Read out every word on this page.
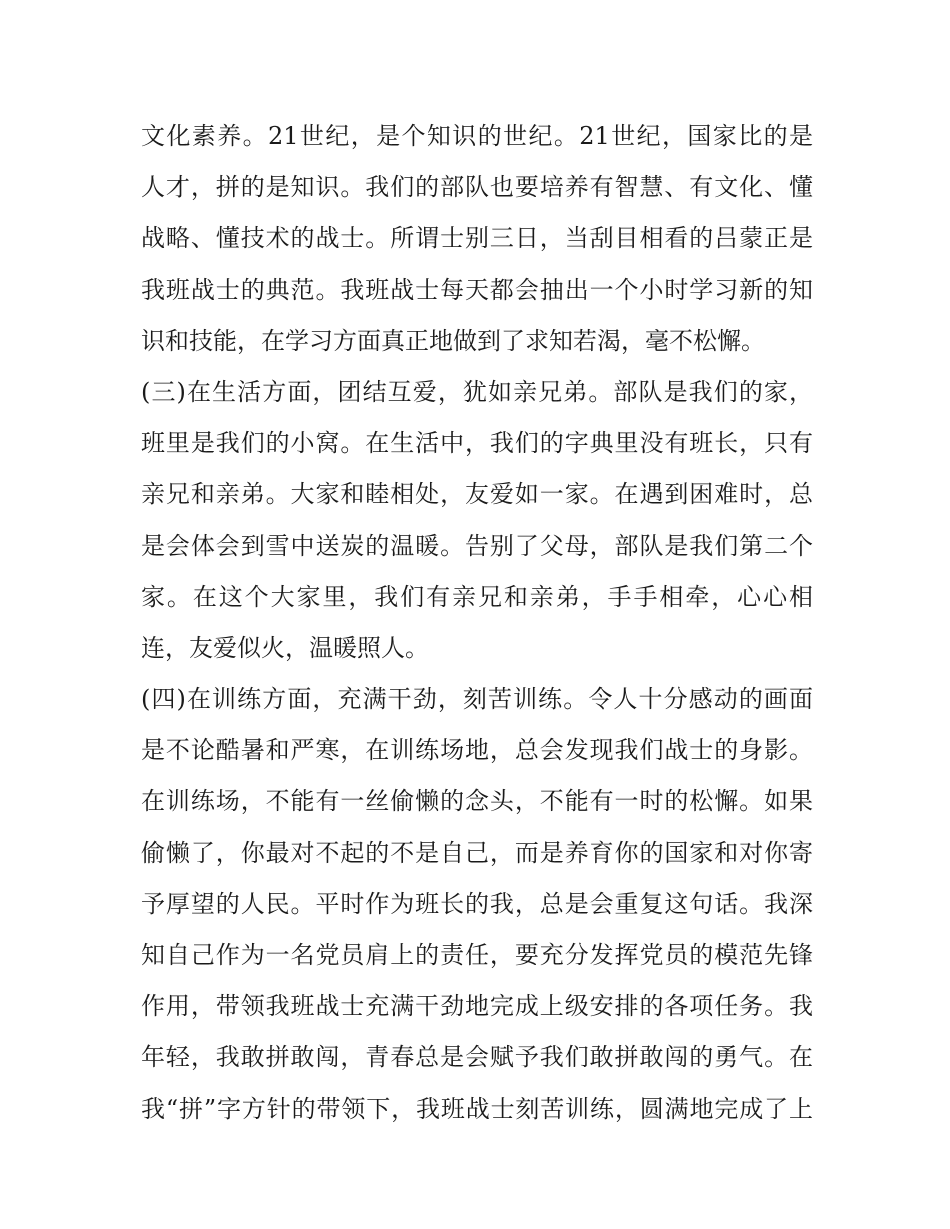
文化素养。21世纪，是个知识的世纪。21世纪，国家比的是
人才，拼的是知识。我们的部队也要培养有智慧、有文化、懂
战略、懂技术的战士。所谓士别三日，当刮目相看的吕蒙正是
我班战士的典范。我班战士每天都会抽出一个小时学习新的知
识和技能，在学习方面真正地做到了求知若渴，毫不松懈。
(三)在生活方面，团结互爱，犹如亲兄弟。部队是我们的家，
班里是我们的小窝。在生活中，我们的字典里没有班长，只有
亲兄和亲弟。大家和睦相处，友爱如一家。在遇到困难时，总
是会体会到雪中送炭的温暖。告别了父母，部队是我们第二个
家。在这个大家里，我们有亲兄和亲弟，手手相牵，心心相
连，友爱似火，温暖照人。
(四)在训练方面，充满干劲，刻苦训练。令人十分感动的画面
是不论酷暑和严寒，在训练场地，总会发现我们战士的身影。
在训练场，不能有一丝偷懒的念头，不能有一时的松懈。如果
偷懒了，你最对不起的不是自己，而是养育你的国家和对你寄
予厚望的人民。平时作为班长的我，总是会重复这句话。我深
知自己作为一名党员肩上的责任，要充分发挥党员的模范先锋
作用，带领我班战士充满干劲地完成上级安排的各项任务。我
年轻，我敢拼敢闯，青春总是会赋予我们敢拼敢闯的勇气。在
我“拼”字方针的带领下，我班战士刻苦训练，圆满地完成了上
